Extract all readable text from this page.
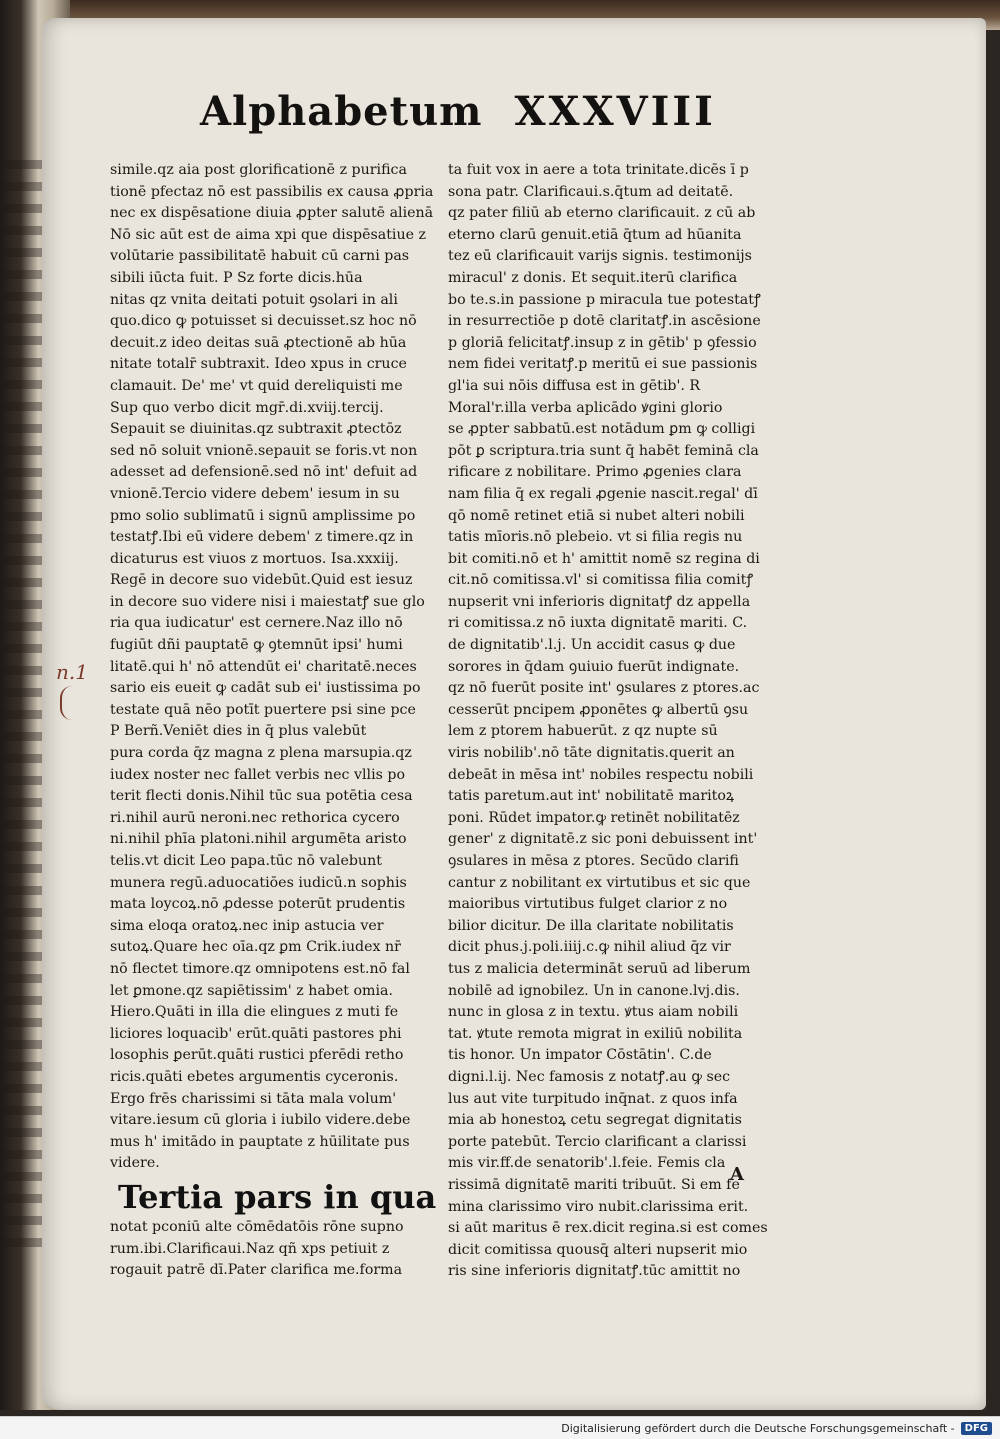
Alphabetum XXXVIII
simile.qz aia post glorificationē z purifica
tionē pfectaz nō est passibilis ex causa ꝓpria
nec ex dispēsatione diuia ꝓpter salutē alienā
Nō sic aūt est de aima xpi que dispēsatiue z
volūtarie passibilitatē habuit cū carni pas
sibili iūcta fuit. P Sz forte dicis.hūa
nitas qz vnita deitati potuit ꝯsolari in ali
quo.dico ꝙ potuisset si decuisset.sz hoc nō
decuit.z ideo deitas suā ꝓtectionē ab hūa
nitate totalr̄ subtraxit. Ideo xpus in cruce
clamauit. De' me' vt quid dereliquisti me
Sup quo verbo dicit mgr̄.di.xviij.tercij.
Sepauit se diuinitas.qz subtraxit ꝓtectōz
sed nō soluit vnionē.sepauit se foris.vt non
adesset ad defensionē.sed nō int' defuit ad
vnionē.Tercio videre debem' iesum in su
pmo solio sublimatū i signū amplissime po
testatꝭ.Ibi eū videre debem' z timere.qz in
dicaturus est viuos z mortuos. Isa.xxxiij.
Regē in decore suo videbūt.Quid est iesuz
in decore suo videre nisi i maiestatꝭ sue glo
ria qua iudicatur' est cernere.Naz illo nō
fugiūt dñi pauptatē ꝙ ꝯtemnūt ipsi' humi
litatē.qui h' nō attendūt ei' charitatē.neces
sario eis eueit ꝙ cadāt sub ei' iustissima po
testate quā nēo potīt puertere psi sine pce
P Berñ.Veniēt dies in q̄ plus valebūt
pura corda q̄z magna z plena marsupia.qz
iudex noster nec fallet verbis nec vllis po
terit flecti donis.Nihil tūc sua potētia cesa
ri.nihil aurū neroni.nec rethorica cycero
ni.nihil phīa platoni.nihil argumēta aristo
telis.vt dicit Leo papa.tūc nō valebunt
munera regū.aduocatiōes iudicū.n sophis
mata loycoꝝ.nō ꝓdesse poterūt prudentis
sima eloqa oratoꝝ.nec inip astucia ver
sutoꝝ.Quare hec oīa.qz ꝑm Crik.iudex nr̄
nō flectet timore.qz omnipotens est.nō fal
let ꝑmone.qz sapiētissim' z habet omia.
Hiero.Quāti in illa die elingues z muti fe
liciores loquacib' erūt.quāti pastores phi
losophis ꝑerūt.quāti rustici pferēdi retho
ricis.quāti ebetes argumentis cyceronis.
Ergo frēs charissimi si tāta mala volum'
vitare.iesum cū gloria i iubilo videre.debe
mus h' imitādo in pauptate z hūilitate pus
videre.
Tertia pars in qua
notat pconiū alte cōmēdatōis rōne supno
rum.ibi.Clarificaui.Naz qñ xps petiuit z
rogauit patrē dī.Pater clarifica me.forma
ta fuit vox in aere a tota trinitate.dicēs ī p
sona patr. Clarificaui.s.q̄tum ad deitatē.
qz pater filiū ab eterno clarificauit. z cū ab
eterno clarū genuit.etiā q̄tum ad hūanita
tez eū clarificauit varijs signis. testimonijs
miracul' z donis. Et sequit.iterū clarifica
bo te.s.in passione p miracula tue potestatꝭ
in resurrectiōe p dotē claritatꝭ.in ascēsione
p gloriā felicitatꝭ.insup z in gētib' p ꝯfessio
nem fidei veritatꝭ.p meritū ei sue passionis
gl'ia sui nōis diffusa est in gētib'. R
Moral'r.illa verba aplicādo ꝟgini glorio
se ꝓpter sabbatū.est notādum ꝑm ꝙ colligi
pōt ꝑ scriptura.tria sunt q̄ habēt feminā cla
rificare z nobilitare. Primo ꝓgenies clara
nam filia q̄ ex regali ꝓgenie nascit.regal' dī
qō nomē retinet etiā si nubet alteri nobili
tatis mīoris.nō plebeio. vt si filia regis nu
bit comiti.nō et h' amittit nomē sz regina di
cit.nō comitissa.vl' si comitissa filia comitꝭ
nupserit vni inferioris dignitatꝭ dz appella
ri comitissa.z nō iuxta dignitatē mariti. C.
de dignitatib'.l.j. Un accidit casus ꝙ due
sorores in q̄dam ꝯuiuio fuerūt indignate.
qz nō fuerūt posite int' ꝯsulares z ptores.ac
cesserūt pncipem ꝓponētes ꝙ albertū ꝯsu
lem z ptorem habuerūt. z qz nupte sū
viris nobilib'.nō tāte dignitatis.querit an
debeāt in mēsa int' nobiles respectu nobili
tatis paretum.aut int' nobilitatē maritoꝝ
poni. Rūdet impator.ꝙ retinēt nobilitatēz
gener' z dignitatē.z sic poni debuissent int'
ꝯsulares in mēsa z ptores. Secūdo clarifi
cantur z nobilitant ex virtutibus et sic que
maioribus virtutibus fulget clarior z no
bilior dicitur. De illa claritate nobilitatis
dicit phus.j.poli.iiij.c.ꝙ nihil aliud q̄z vir
tus z malicia determināt seruū ad liberum
nobilē ad ignobilez. Un in canone.lvj.dis.
nunc in glosa z in textu. ꝟtus aiam nobili
tat. ꝟtute remota migrat in exiliū nobilita
tis honor. Un impator Cōstātin'. C.de
digni.l.ij. Nec famosis z notatꝭ.au ꝙ sec
lus aut vite turpitudo inq̄nat. z quos infa
mia ab honestoꝝ cetu segregat dignitatis
porte patebūt. Tercio clarificant a clarissi
mis vir.ff.de senatorib'.l.feie. Femis cla
rissimā dignitatē mariti tribuūt. Si em fe
mina clarissimo viro nubit.clarissima erit.
si aūt maritus ē rex.dicit regina.si est comes
dicit comitissa quousq̄ alteri nupserit mio
ris sine inferioris dignitatꝭ.tūc amittit no
n.1
A
Digitalisierung gefördert durch die Deutsche Forschungsgemeinschaft -	DFG
